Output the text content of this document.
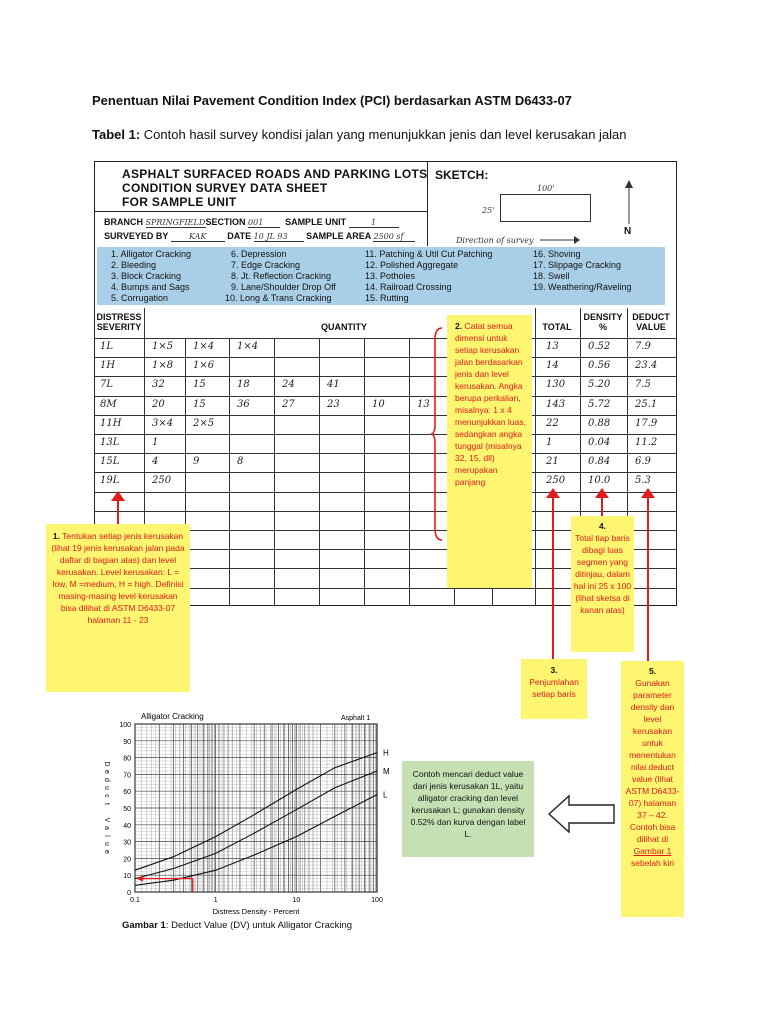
Penentuan Nilai Pavement Condition Index (PCI) berdasarkan ASTM D6433-07
Tabel 1: Contoh hasil survey kondisi jalan yang menunjukkan jenis dan level kerusakan jalan
ASPHALT SURFACED ROADS AND PARKING LOTS
CONDITION SURVEY DATA SHEET
FOR SAMPLE UNIT
SKETCH:
100'
25'
Direction of survey
N
BRANCH SPRINGFIELDSECTION 001 SAMPLE UNIT	1
SURVEYED BY	KAK DATE 10 JL 93 SAMPLE AREA 2500 sf
1. Alligator Cracking
2. Bleeding
3. Block Cracking
4. Bumps and Sags
5. Corrugation
6. Depression
7. Edge Cracking
8. Jt. Reflection Cracking
9. Lane/Shoulder Drop Off
10. Long & Trans Cracking
11. Patching & Util Cut Patching
12. Polished Aggregate
13. Potholes
14. Railroad Crossing
15. Rutting
16. Shoving
17. Slippage Cracking
18. Swell
19. Weathering/Raveling
DISTRESS
SEVERITY	QUANTITY	TOTAL
DENSITY
%
DEDUCT
VALUE
1L	1×5 1×4 1×4	13	0.52 7.9
1H	1×8 1×6	14	0.56 23.4
7L	32	15	18	24	41	130 5.20 7.5
8M	20	15	36	27	23	10	13	143 5.72 25.1
11H	3×4 2×5	22	0.88 17.9
13L	1	1	0.04 11.2
15L	4	9	8	21	0.84 6.9
19L	250	250 10.0 5.3
1. Tentukan setiap jenis kerusakan (lihat 19 jenis kerusakan jalan pada daftar di bagian atas) dan level kerusakan. Level kerusakan: L = low, M =medium, H = high. Definisi masing-masing level kerusakan bisa dilihat di ASTM D6433-07 halaman 11 - 23
2. Catat semua dimensi untuk setiap kerusakan jalan berdasarkan jenis dan level kerusakan. Angka berupa perkalian, misalnya: 1 x 4 menunjukkan luas, sedangkan angka tunggal (misalnya 32, 15, dll) merupakan panjang
3.
Penjumlahan setiap baris
4.
Total tiap baris dibagi luas segmen yang ditinjau, dalam hal ini 25 x 100 (lihat sketsa di kanan atas)
5.
Gunakan parameter density dan level kerusakan untuk menentukan nilai deduct value (lihat ASTM D6433-07) halaman 37 – 42. Contoh bisa dilihat di Gambar 1 sebelah kiri
Contoh mencari deduct value dari jenis kerusakan 1L, yaitu alligator cracking dan level kerusakan L; gunakan density 0.52% dan kurva dengan label L.
0
10
20
30
40
50
60
70
80
90
100
0.1	1	10	100
Alligator Cracking	Asphalt 1
Distress Density - Percent
D
e
d
u
c
t
V
a
l
u
e
H
M
L
Gambar 1: Deduct Value (DV) untuk Alligator Cracking
